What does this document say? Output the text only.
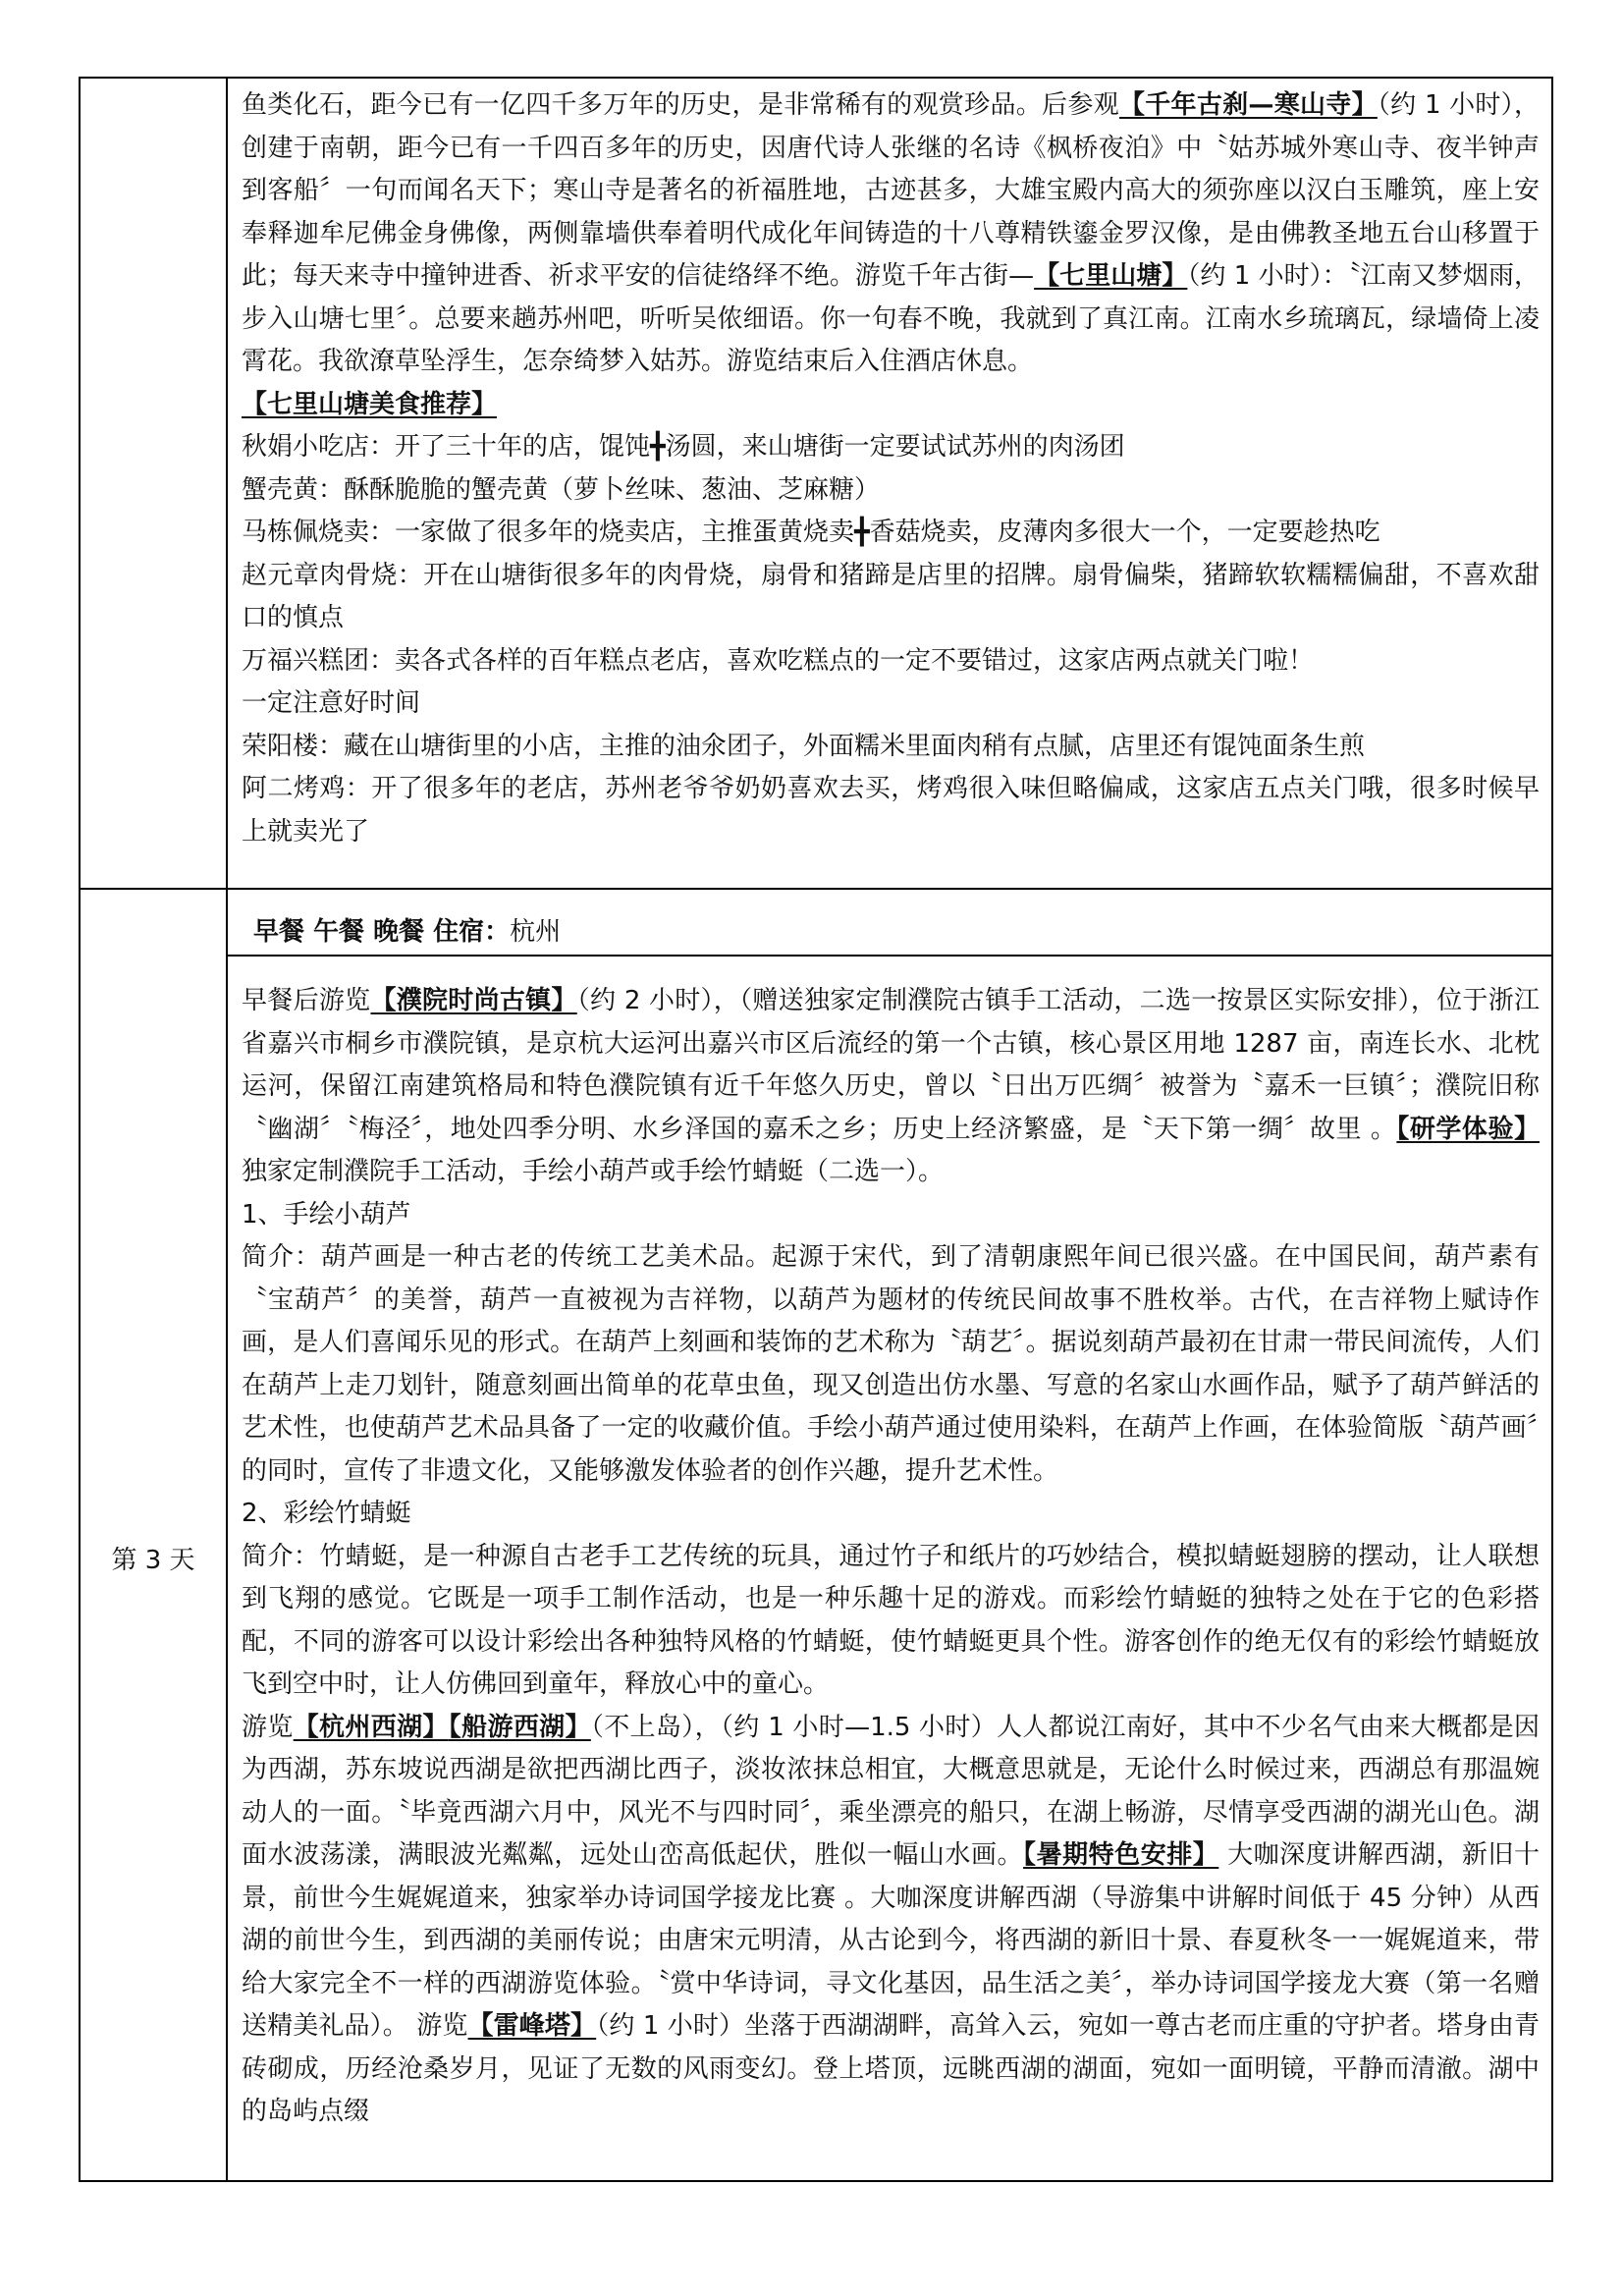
鱼类化石，距今已有一亿四千多万年的历史，是非常稀有的观赏珍品。后参观【千年古刹—寒山寺】（约 1 小时），创建于南朝，距今已有一千四百多年的历史，因唐代诗人张继的名诗《枫桥夜泊》中〝姑苏城外寒山寺、夜半钟声到客船〞一句而闻名天下；寒山寺是著名的祈福胜地，古迹甚多，大雄宝殿内高大的须弥座以汉白玉雕筑，座上安奉释迦牟尼佛金身佛像，两侧靠墙供奉着明代成化年间铸造的十八尊精铁鎏金罗汉像，是由佛教圣地五台山移置于此；每天来寺中撞钟进香、祈求平安的信徒络绎不绝。游览千年古街—【七里山塘】（约 1 小时）：〝江南又梦烟雨，步入山塘七里〞。总要来趟苏州吧，听听吴侬细语。你一句春不晚，我就到了真江南。江南水乡琉璃瓦，绿墙倚上凌霄花。我欲潦草坠浮生，怎奈绮梦入姑苏。游览结束后入住酒店休息。

【七里山塘美食推荐】

秋娟小吃店：开了三十年的店，馄饨╋汤圆，来山塘街一定要试试苏州的肉汤团

蟹壳黄：酥酥脆脆的蟹壳黄（萝卜丝味、葱油、芝麻糖）

马栋佩烧卖：一家做了很多年的烧卖店，主推蛋黄烧卖╋香菇烧卖，皮薄肉多很大一个，一定要趁热吃

赵元章肉骨烧：开在山塘街很多年的肉骨烧，扇骨和猪蹄是店里的招牌。扇骨偏柴，猪蹄软软糯糯偏甜，不喜欢甜口的慎点

万福兴糕团：卖各式各样的百年糕点老店，喜欢吃糕点的一定不要错过，这家店两点就关门啦！

一定注意好时间

荣阳楼：藏在山塘街里的小店，主推的油氽团子，外面糯米里面肉稍有点腻，店里还有馄饨面条生煎

阿二烤鸡：开了很多年的老店，苏州老爷爷奶奶喜欢去买，烤鸡很入味但略偏咸，这家店五点关门哦，很多时候早上就卖光了

第 3 天
早餐 午餐 晚餐 住宿：杭州

早餐后游览【濮院时尚古镇】（约 2 小时），（赠送独家定制濮院古镇手工活动，二选一按景区实际安排），位于浙江省嘉兴市桐乡市濮院镇，是京杭大运河出嘉兴市区后流经的第一个古镇，核心景区用地 1287 亩，南连长水、北枕运河，保留江南建筑格局和特色濮院镇有近千年悠久历史，曾以〝日出万匹绸〞被誉为〝嘉禾一巨镇〞；濮院旧称〝幽湖〞〝梅泾〞，地处四季分明、水乡泽国的嘉禾之乡；历史上经济繁盛，是〝天下第一绸〞故里 。【研学体验】 独家定制濮院手工活动，手绘小葫芦或手绘竹蜻蜓（二选一）。

1、手绘小葫芦

简介：葫芦画是一种古老的传统工艺美术品。起源于宋代，到了清朝康熙年间已很兴盛。在中国民间，葫芦素有〝宝葫芦〞的美誉，葫芦一直被视为吉祥物，以葫芦为题材的传统民间故事不胜枚举。古代，在吉祥物上赋诗作画，是人们喜闻乐见的形式。在葫芦上刻画和装饰的艺术称为〝葫艺〞。据说刻葫芦最初在甘肃一带民间流传，人们在葫芦上走刀划针，随意刻画出简单的花草虫鱼，现又创造出仿水墨、写意的名家山水画作品，赋予了葫芦鲜活的艺术性，也使葫芦艺术品具备了一定的收藏价值。手绘小葫芦通过使用染料，在葫芦上作画，在体验简版〝葫芦画〞的同时，宣传了非遗文化，又能够激发体验者的创作兴趣，提升艺术性。

2、彩绘竹蜻蜓

简介：竹蜻蜓，是一种源自古老手工艺传统的玩具，通过竹子和纸片的巧妙结合，模拟蜻蜓翅膀的摆动，让人联想到飞翔的感觉。它既是一项手工制作活动，也是一种乐趣十足的游戏。而彩绘竹蜻蜓的独特之处在于它的色彩搭配，不同的游客可以设计彩绘出各种独特风格的竹蜻蜓，使竹蜻蜓更具个性。游客创作的绝无仅有的彩绘竹蜻蜓放飞到空中时，让人仿佛回到童年，释放心中的童心。

游览【杭州西湖】【船游西湖】（不上岛），（约 1 小时—1.5 小时）人人都说江南好，其中不少名气由来大概都是因为西湖，苏东坡说西湖是欲把西湖比西子，淡妆浓抹总相宜，大概意思就是，无论什么时候过来，西湖总有那温婉动人的一面。〝毕竟西湖六月中，风光不与四时同〞，乘坐漂亮的船只，在湖上畅游，尽情享受西湖的湖光山色。湖面水波荡漾，满眼波光粼粼，远处山峦高低起伏，胜似一幅山水画。【暑期特色安排】 大咖深度讲解西湖，新旧十景，前世今生娓娓道来，独家举办诗词国学接龙比赛 。大咖深度讲解西湖（导游集中讲解时间低于 45 分钟）从西湖的前世今生，到西湖的美丽传说；由唐宋元明清，从古论到今，将西湖的新旧十景、春夏秋冬一一娓娓道来，带给大家完全不一样的西湖游览体验。〝赏中华诗词，寻文化基因，品生活之美〞，举办诗词国学接龙大赛（第一名赠送精美礼品）。 游览【雷峰塔】（约 1 小时）坐落于西湖湖畔，高耸入云，宛如一尊古老而庄重的守护者。塔身由青砖砌成，历经沧桑岁月，见证了无数的风雨变幻。登上塔顶，远眺西湖的湖面，宛如一面明镜，平静而清澈。湖中的岛屿点缀
